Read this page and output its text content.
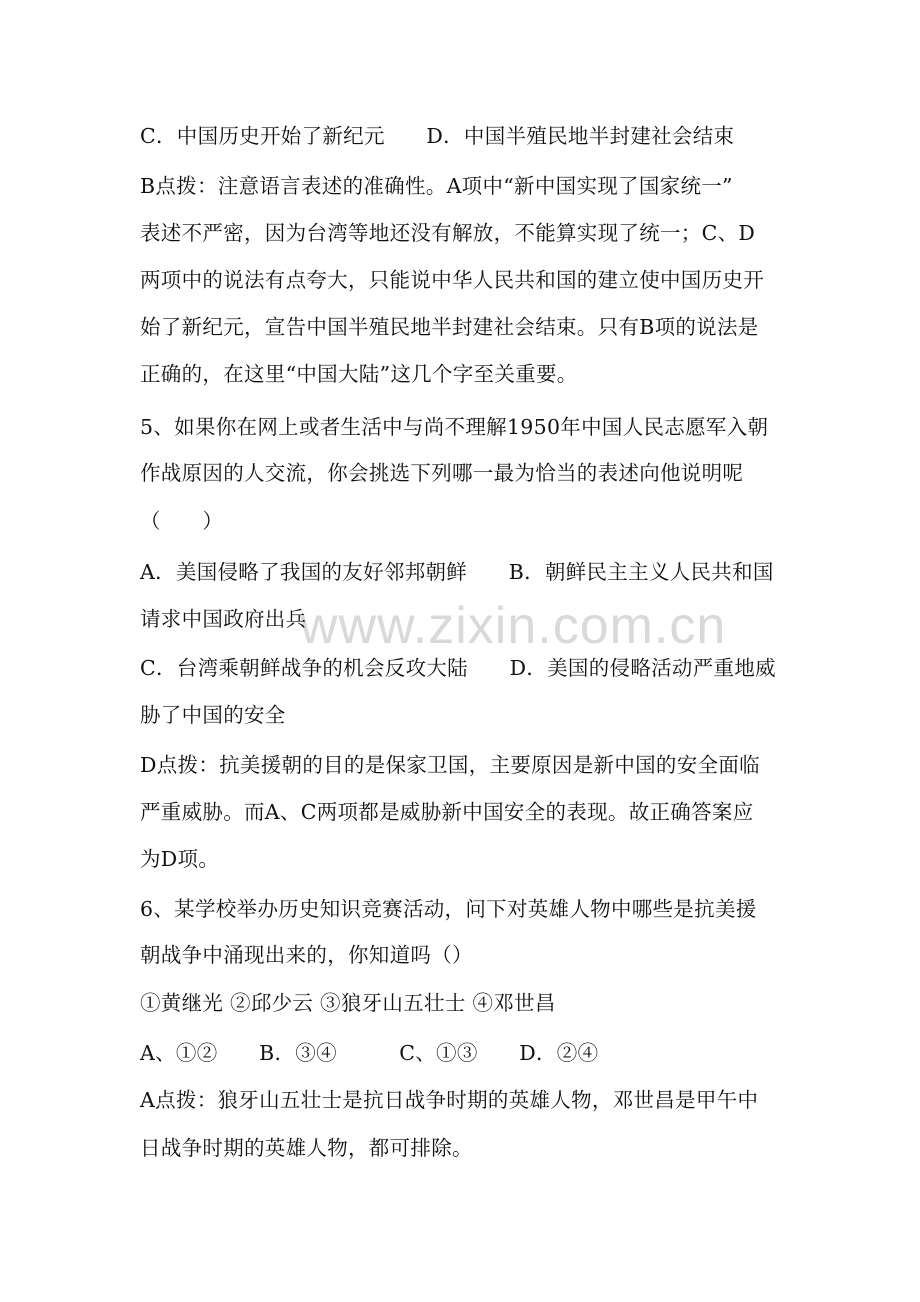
www.zixin.com.cn
C．中国历史开始了新纪元　　D．中国半殖民地半封建社会结束
B点拨：注意语言表述的准确性。A项中“新中国实现了国家统一”
表述不严密，因为台湾等地还没有解放，不能算实现了统一；C、D
两项中的说法有点夸大，只能说中华人民共和国的建立使中国历史开
始了新纪元，宣告中国半殖民地半封建社会结束。只有B项的说法是
正确的，在这里“中国大陆”这几个字至关重要。
5、如果你在网上或者生活中与尚不理解1950年中国人民志愿军入朝
作战原因的人交流，你会挑选下列哪一最为恰当的表述向他说明呢
（　　）
A．美国侵略了我国的友好邻邦朝鲜　　B．朝鲜民主主义人民共和国
请求中国政府出兵
C．台湾乘朝鲜战争的机会反攻大陆　　D．美国的侵略活动严重地威
胁了中国的安全
D点拨：抗美援朝的目的是保家卫国，主要原因是新中国的安全面临
严重威胁。而A、C两项都是威胁新中国安全的表现。故正确答案应
为D项。
6、某学校举办历史知识竞赛活动，问下对英雄人物中哪些是抗美援
朝战争中涌现出来的，你知道吗（）
①黄继光 ②邱少云 ③狼牙山五壮士 ④邓世昌
A、①②　　B．③④　　　C、①③　　D．②④
A点拨：狼牙山五壮士是抗日战争时期的英雄人物，邓世昌是甲午中
日战争时期的英雄人物，都可排除。
